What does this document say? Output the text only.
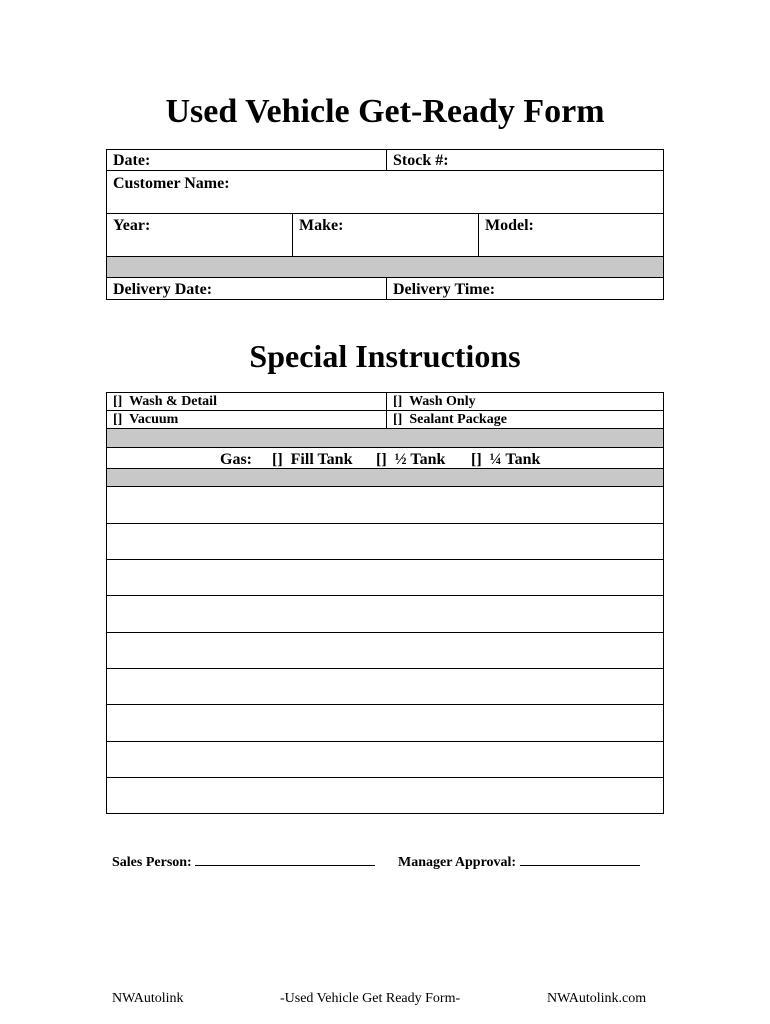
Used Vehicle Get-Ready Form
Date:	Stock #:
Customer Name:
Year:	Make:	Model:
Delivery Date:	Delivery Time:
Special Instructions
[]  Wash & Detail	[]  Wash Only
[]  Vacuum	[]  Sealant Package
Gas: []  Fill Tank []  ½ Tank []  ¼ Tank
Sales Person:	Manager Approval:
NWAutolink	-Used Vehicle Get Ready Form-	NWAutolink.com
